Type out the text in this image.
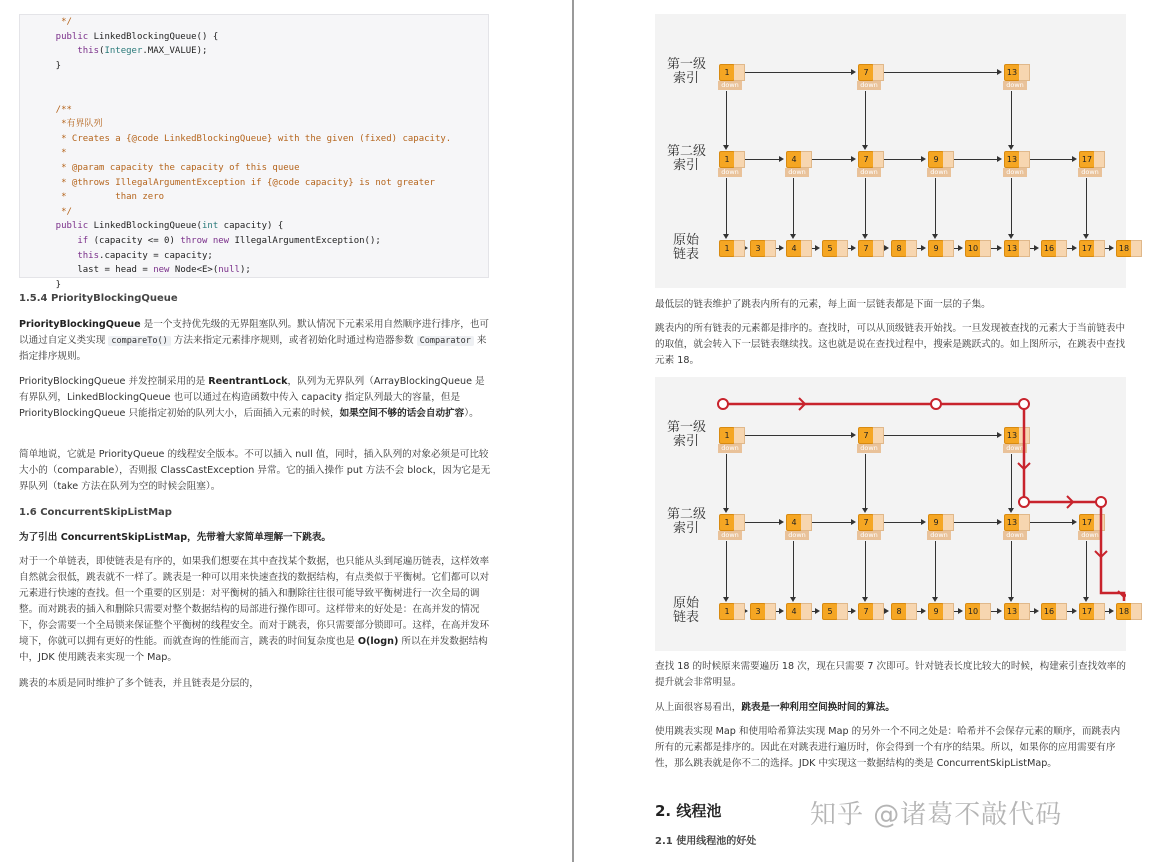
*/
public LinkedBlockingQueue() {
this(Integer.MAX_VALUE);
}
/**
*有界队列
* Creates a {@code LinkedBlockingQueue} with the given (fixed) capacity.
*
* @param capacity the capacity of this queue
* @throws IllegalArgumentException if {@code capacity} is not greater
*         than zero
*/
public LinkedBlockingQueue(int capacity) {
if (capacity <= 0) throw new IllegalArgumentException();
this.capacity = capacity;
last = head = new Node<E>(null);
}
1.5.4 PriorityBlockingQueue
PriorityBlockingQueue 是一个支持优先级的无界阻塞队列。默认情况下元素采用自然顺序进行排序，也可以通过自定义类实现 compareTo() 方法来指定元素排序规则，或者初始化时通过构造器参数 Comparator 来指定排序规则。
PriorityBlockingQueue 并发控制采用的是 ReentrantLock，队列为无界队列（ArrayBlockingQueue 是有界队列，LinkedBlockingQueue 也可以通过在构造函数中传入 capacity 指定队列最大的容量，但是 PriorityBlockingQueue 只能指定初始的队列大小，后面插入元素的时候，如果空间不够的话会自动扩容）。
简单地说，它就是 PriorityQueue 的线程安全版本。不可以插入 null 值，同时，插入队列的对象必须是可比较大小的（comparable），否则报 ClassCastException 异常。它的插入操作 put 方法不会 block，因为它是无界队列（take 方法在队列为空的时候会阻塞）。
1.6 ConcurrentSkipListMap
为了引出 ConcurrentSkipListMap，先带着大家简单理解一下跳表。
对于一个单链表，即使链表是有序的，如果我们想要在其中查找某个数据，也只能从头到尾遍历链表，这样效率自然就会很低，跳表就不一样了。跳表是一种可以用来快速查找的数据结构，有点类似于平衡树。它们都可以对元素进行快速的查找。但一个重要的区别是：对平衡树的插入和删除往往很可能导致平衡树进行一次全局的调整。而对跳表的插入和删除只需要对整个数据结构的局部进行操作即可。这样带来的好处是：在高并发的情况下，你会需要一个全局锁来保证整个平衡树的线程安全。而对于跳表，你只需要部分锁即可。这样，在高并发环境下，你就可以拥有更好的性能。而就查询的性能而言，跳表的时间复杂度也是 O(logn) 所以在并发数据结构中，JDK 使用跳表来实现一个 Map。
跳表的本质是同时维护了多个链表，并且链表是分层的，
第一级
索引
第二级
索引
原始
链表
1
down
7
down
13
down
1
down
4
down
7
down
9
down
13
down
17
down
1	3	4	5	7	8	9	10	13	16	17	18
最低层的链表维护了跳表内所有的元素，每上面一层链表都是下面一层的子集。
跳表内的所有链表的元素都是排序的。查找时，可以从顶级链表开始找。一旦发现被查找的元素大于当前链表中的取值，就会转入下一层链表继续找。这也就是说在查找过程中，搜索是跳跃式的。如上图所示，在跳表中查找元素 18。
第一级
索引
第二级
索引
原始
链表
1
down
7
down
13
down
1
down
4
down
7
down
9
down
13
down
17
down
1	3	4	5	7	8	9	10	13	16	17	18
查找 18 的时候原来需要遍历 18 次，现在只需要 7 次即可。针对链表长度比较大的时候，构建索引查找效率的提升就会非常明显。
从上面很容易看出，跳表是一种利用空间换时间的算法。
使用跳表实现 Map 和使用哈希算法实现 Map 的另外一个不同之处是：哈希并不会保存元素的顺序，而跳表内所有的元素都是排序的。因此在对跳表进行遍历时，你会得到一个有序的结果。所以，如果你的应用需要有序性，那么跳表就是你不二的选择。JDK 中实现这一数据结构的类是 ConcurrentSkipListMap。
2. 线程池
2.1 使用线程池的好处
知乎 @诸葛不敲代码
